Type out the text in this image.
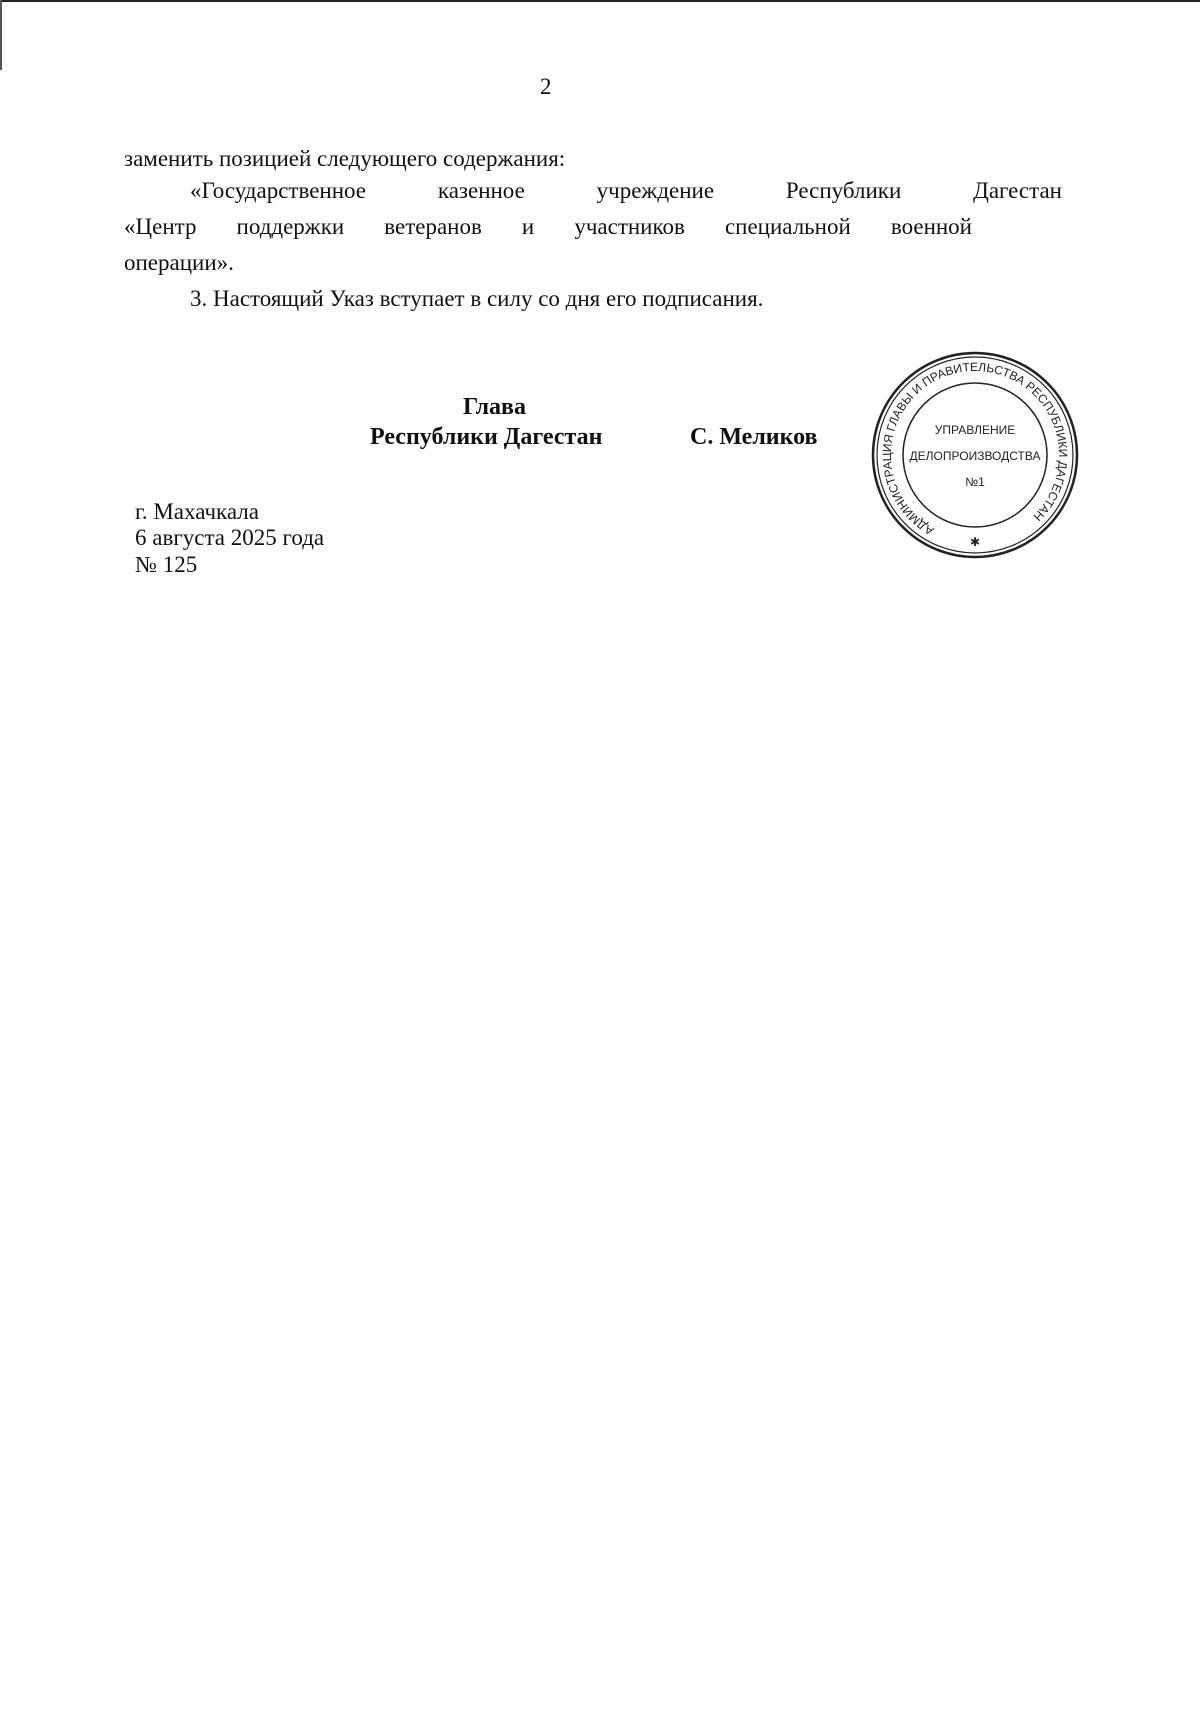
2
заменить позицией следующего содержания:
«Государственное казенное учреждение Республики Дагестан
«Центр поддержки ветеранов и участников специальной военной
операции».
3. Настоящий Указ вступает в силу со дня его подписания.
Глава
Республики Дагестан	С. Меликов
г. Махачкала
6 августа 2025 года
№ 125
АДМИНИСТРАЦИЯ ГЛАВЫ И ПРАВИТЕЛЬСТВА РЕСПУБЛИКИ ДАГЕСТАН
✱
УПРАВЛЕНИЕ
ДЕЛОПРОИЗВОДСТВА
№1
